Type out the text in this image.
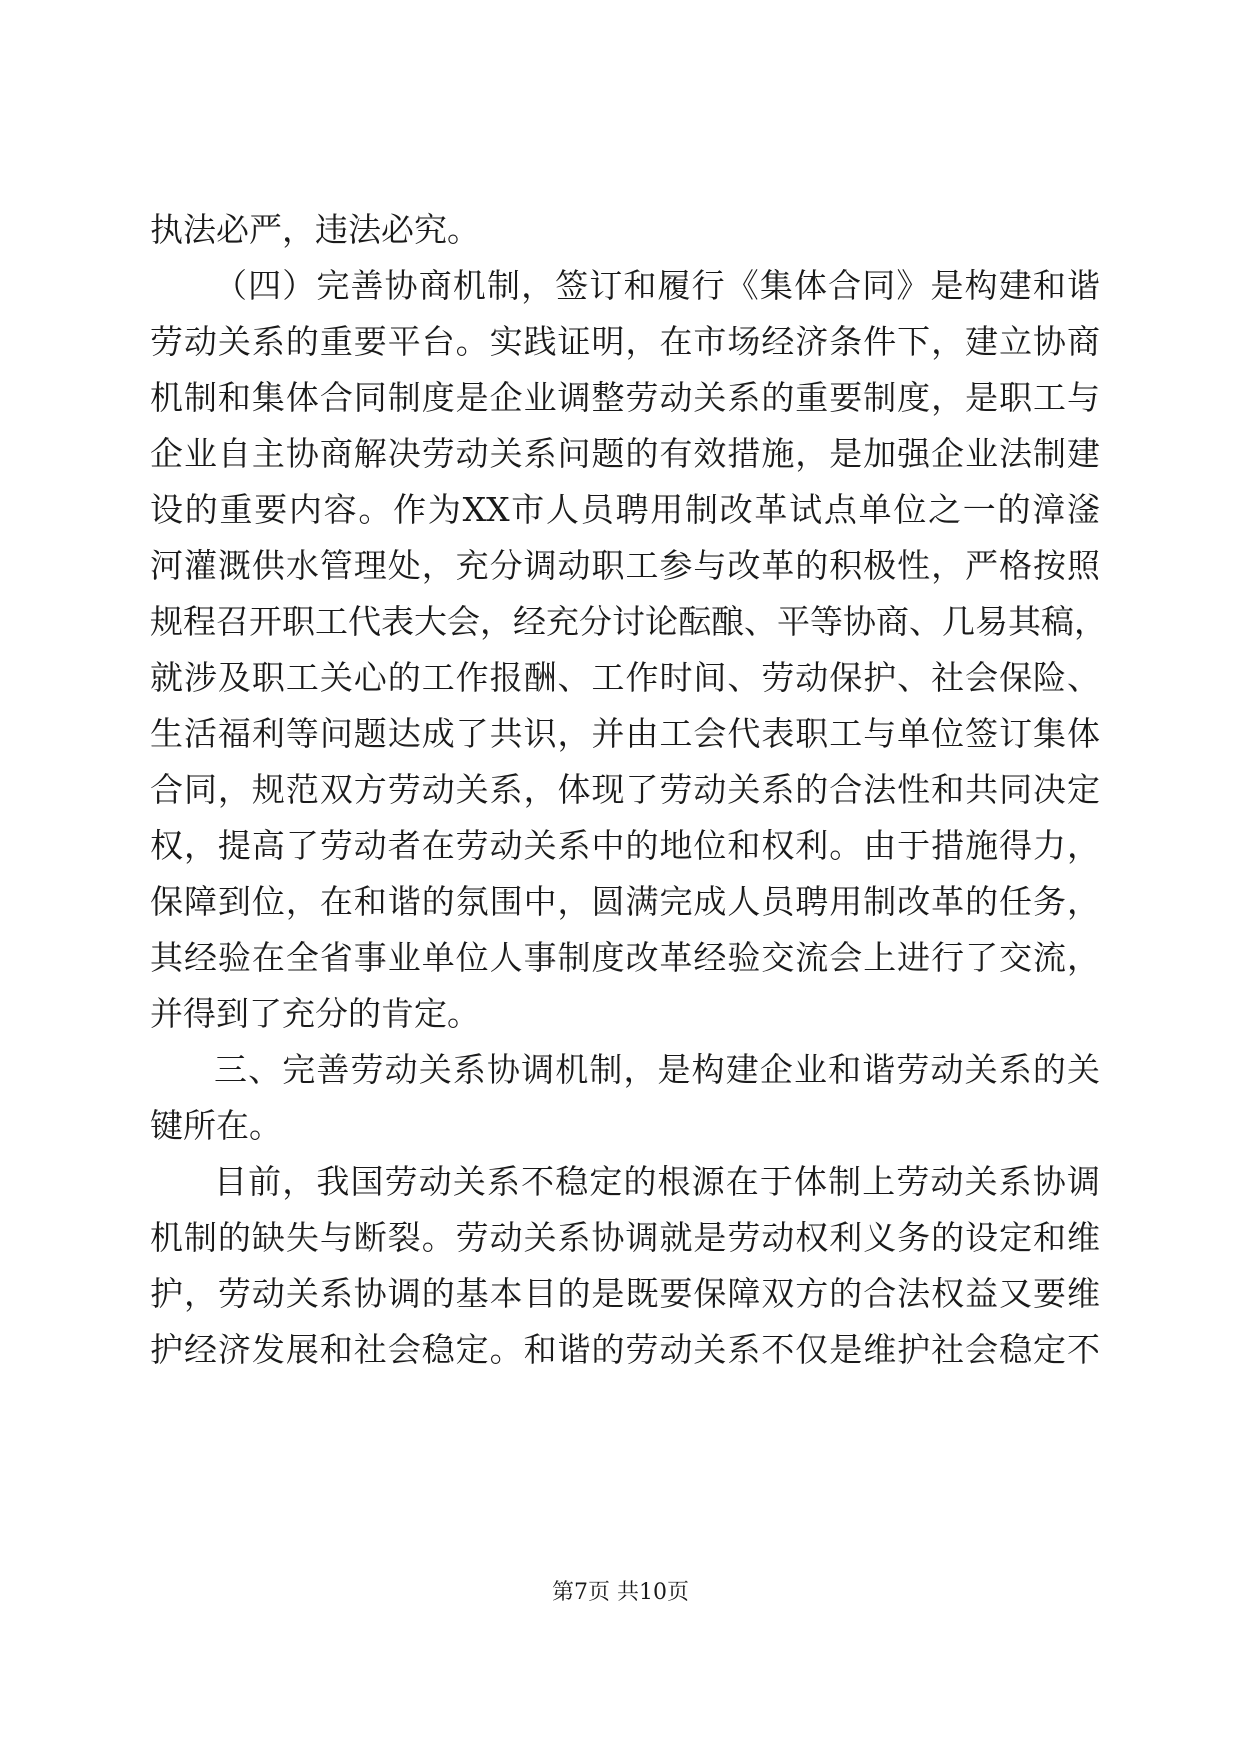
执法必严，违法必究。
（四）完善协商机制，签订和履行《集体合同》是构建和谐
劳动关系的重要平台。实践证明，在市场经济条件下，建立协商
机制和集体合同制度是企业调整劳动关系的重要制度，是职工与
企业自主协商解决劳动关系问题的有效措施，是加强企业法制建
设的重要内容。作为XX市人员聘用制改革试点单位之一的漳滏
河灌溉供水管理处，充分调动职工参与改革的积极性，严格按照
规程召开职工代表大会，经充分讨论酝酿、平等协商、几易其稿，
就涉及职工关心的工作报酬、工作时间、劳动保护、社会保险、
生活福利等问题达成了共识，并由工会代表职工与单位签订集体
合同，规范双方劳动关系，体现了劳动关系的合法性和共同决定
权，提高了劳动者在劳动关系中的地位和权利。由于措施得力，
保障到位，在和谐的氛围中，圆满完成人员聘用制改革的任务，
其经验在全省事业单位人事制度改革经验交流会上进行了交流，
并得到了充分的肯定。
三、完善劳动关系协调机制，是构建企业和谐劳动关系的关
键所在。
目前，我国劳动关系不稳定的根源在于体制上劳动关系协调
机制的缺失与断裂。劳动关系协调就是劳动权利义务的设定和维
护，劳动关系协调的基本目的是既要保障双方的合法权益又要维
护经济发展和社会稳定。和谐的劳动关系不仅是维护社会稳定不
第7页 共10页
